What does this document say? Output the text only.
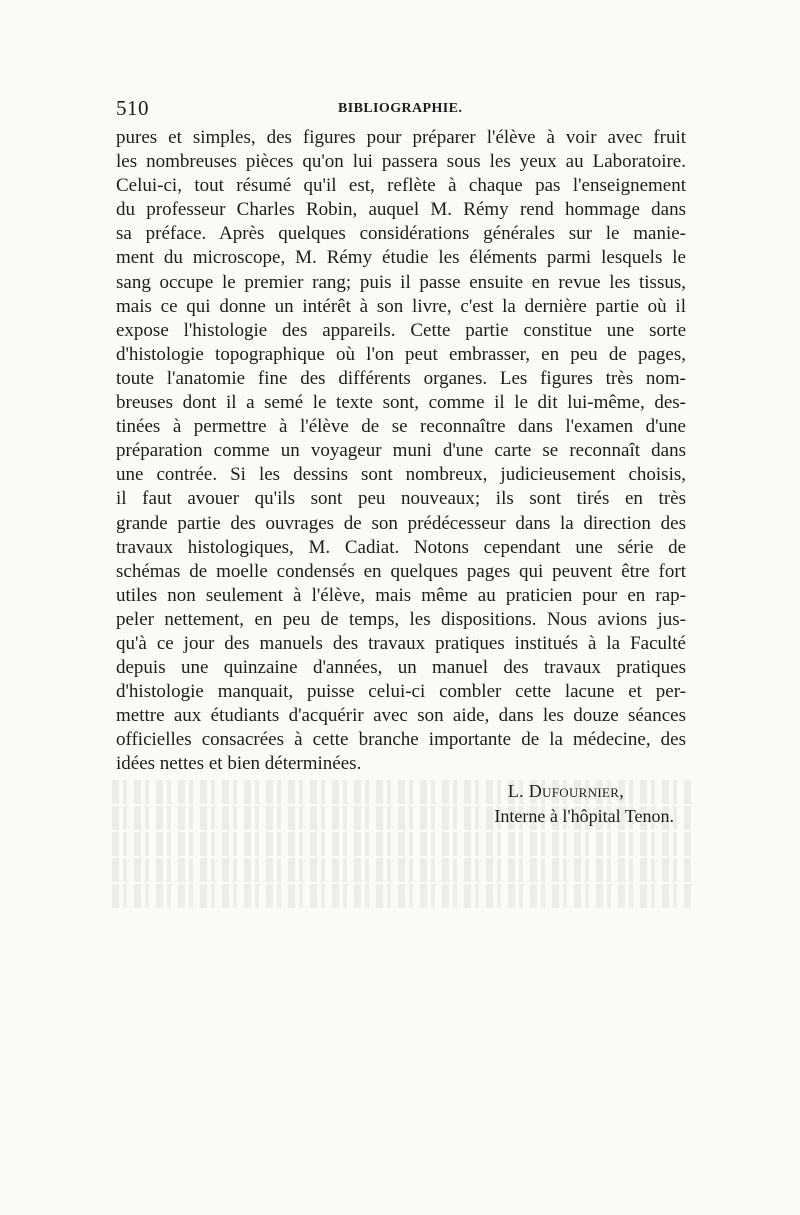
510	BIBLIOGRAPHIE.
pures et simples, des figures pour préparer l'élève à voir avec fruit
les nombreuses pièces qu'on lui passera sous les yeux au Laboratoire.
Celui-ci, tout résumé qu'il est, reflète à chaque pas l'enseignement
du professeur Charles Robin, auquel M. Rémy rend hommage dans
sa préface. Après quelques considérations générales sur le manie-
ment du microscope, M. Rémy étudie les éléments parmi lesquels le
sang occupe le premier rang; puis il passe ensuite en revue les tissus,
mais ce qui donne un intérêt à son livre, c'est la dernière partie où il
expose l'histologie des appareils. Cette partie constitue une sorte
d'histologie topographique où l'on peut embrasser, en peu de pages,
toute l'anatomie fine des différents organes. Les figures très nom-
breuses dont il a semé le texte sont, comme il le dit lui-même, des-
tinées à permettre à l'élève de se reconnaître dans l'examen d'une
préparation comme un voyageur muni d'une carte se reconnaît dans
une contrée. Si les dessins sont nombreux, judicieusement choisis,
il faut avouer qu'ils sont peu nouveaux; ils sont tirés en très
grande partie des ouvrages de son prédécesseur dans la direction des
travaux histologiques, M. Cadiat. Notons cependant une série de
schémas de moelle condensés en quelques pages qui peuvent être fort
utiles non seulement à l'élève, mais même au praticien pour en rap-
peler nettement, en peu de temps, les dispositions. Nous avions jus-
qu'à ce jour des manuels des travaux pratiques institués à la Faculté
depuis une quinzaine d'années, un manuel des travaux pratiques
d'histologie manquait, puisse celui-ci combler cette lacune et per-
mettre aux étudiants d'acquérir avec son aide, dans les douze séances
officielles consacrées à cette branche importante de la médecine, des
idées nettes et bien déterminées.
L. Dufournier,
Interne à l'hôpital Tenon.
